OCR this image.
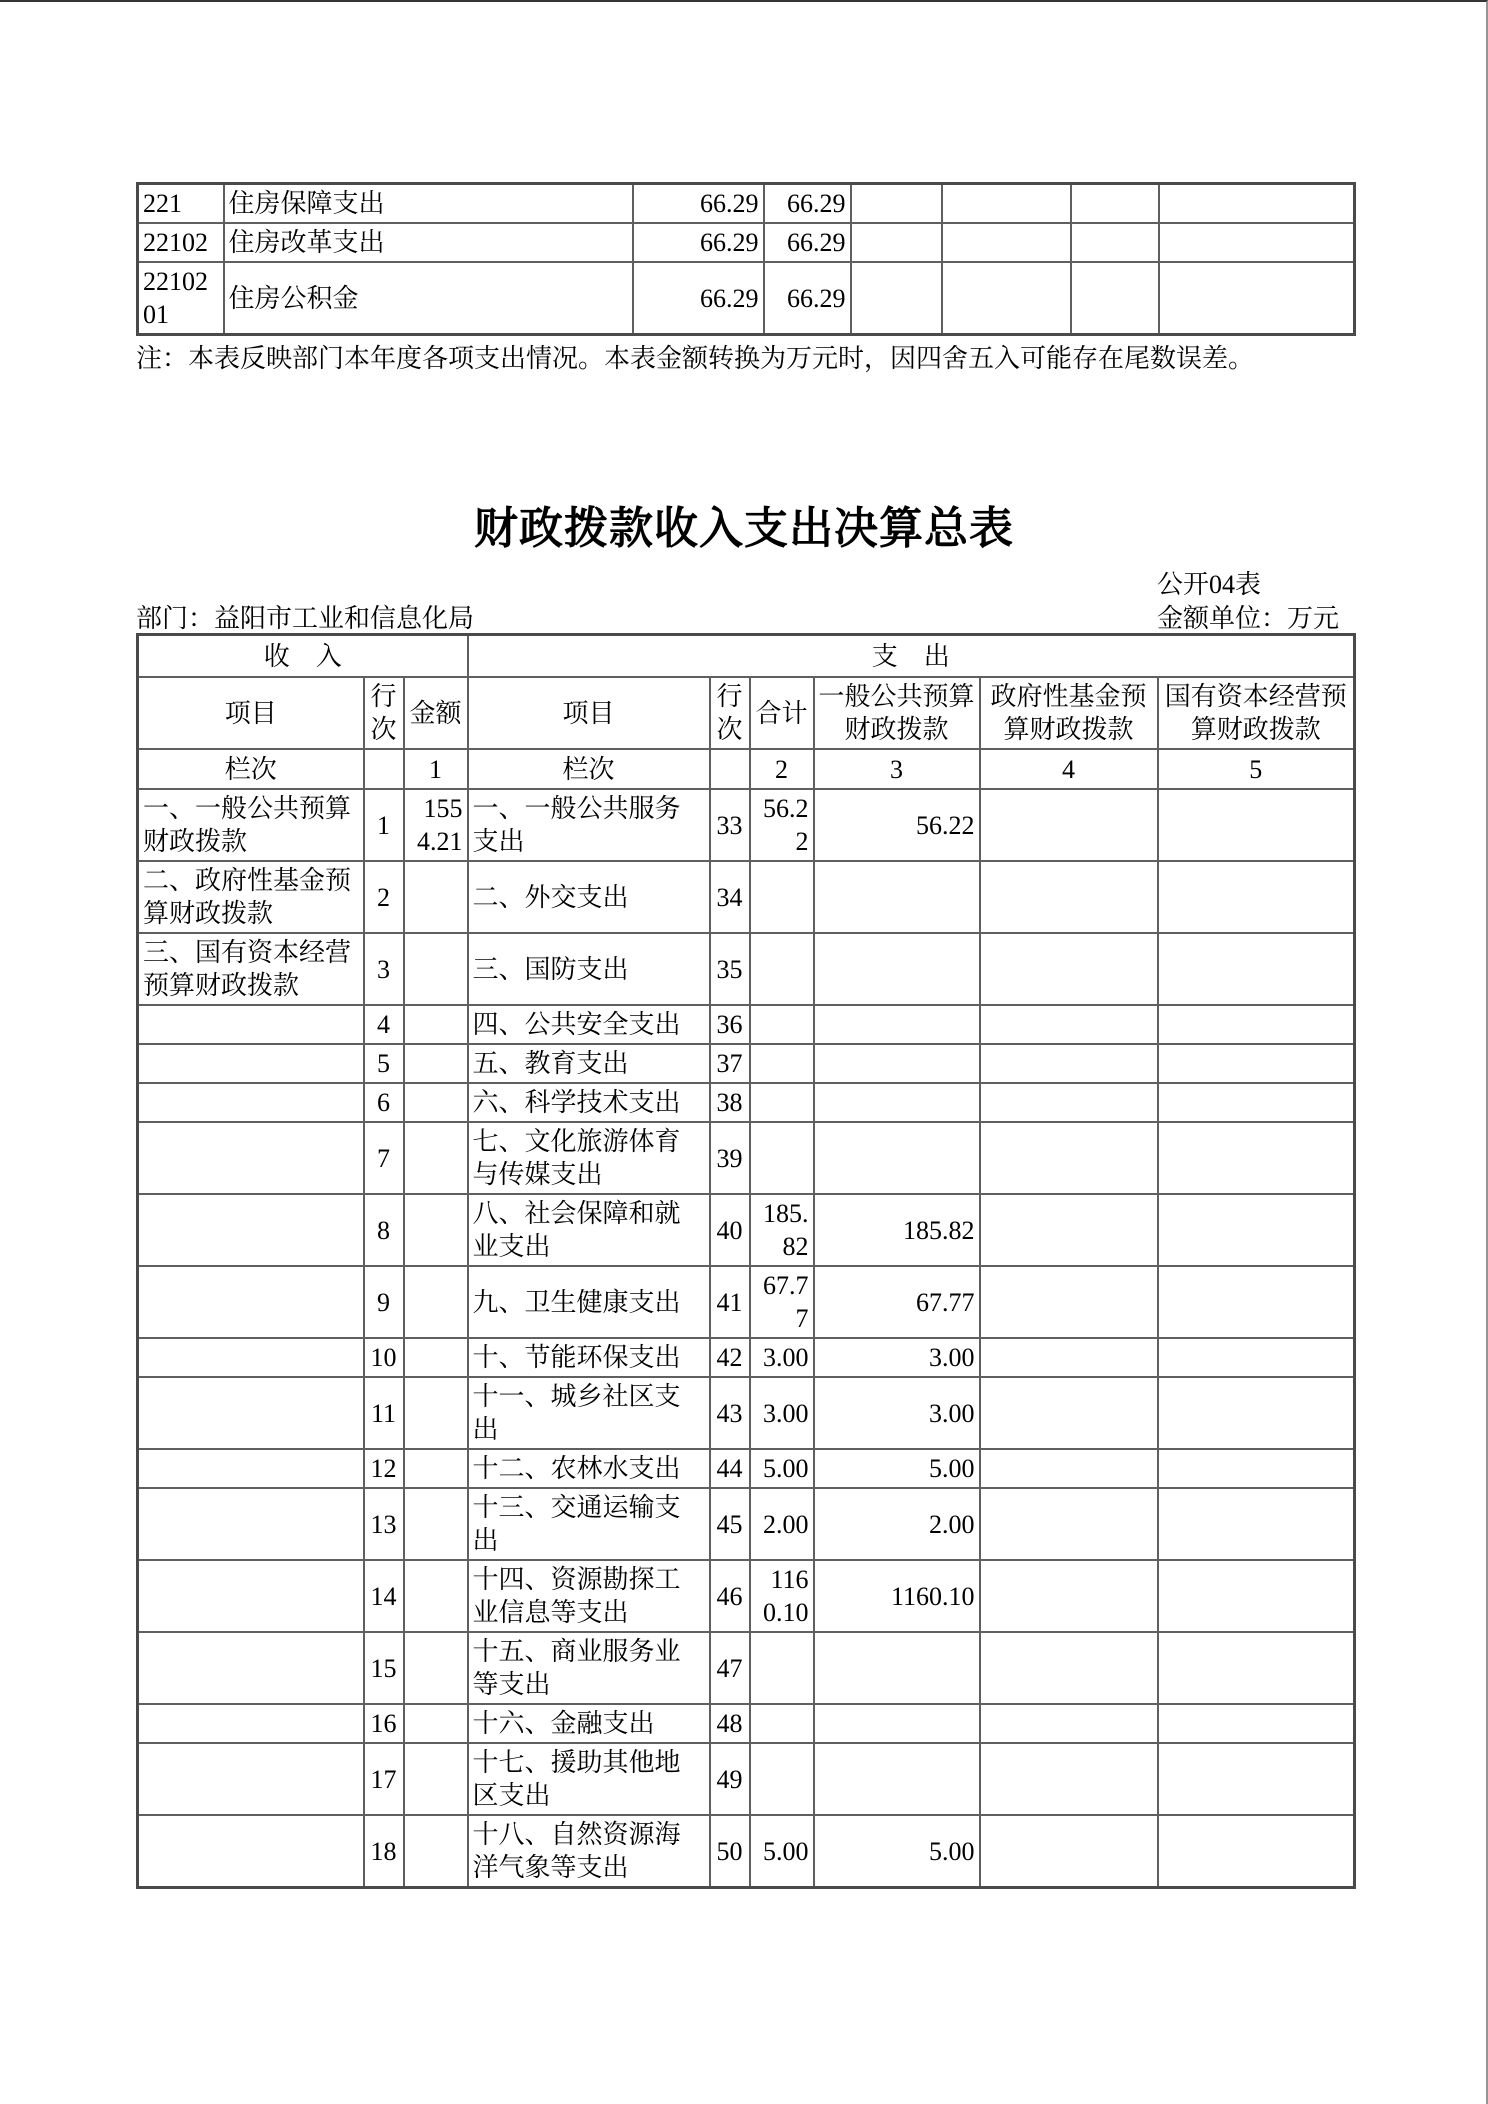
221	住房保障支出	66.29	66.29				
22102	住房改革支出	66.29	66.29				
2210201	住房公积金	66.29	66.29				
注：本表反映部门本年度各项支出情况。本表金额转换为万元时，因四舍五入可能存在尾数误差。
财政拨款收入支出决算总表
公开04表
部门：益阳市工业和信息化局	金额单位：万元
收　入			支　出					
项目	行次	金额	项目	行次	合计	一般公共预算财政拨款	政府性基金预算财政拨款	国有资本经营预算财政拨款
栏次		1	栏次		2	3	4	5
一、一般公共预算财政拨款	1	1554.21	一、一般公共服务支出	33	56.22	56.22		
二、政府性基金预算财政拨款	2		二、外交支出	34				
三、国有资本经营预算财政拨款	3		三、国防支出	35				
	4		四、公共安全支出	36				
	5		五、教育支出	37				
	6		六、科学技术支出	38				
	7		七、文化旅游体育与传媒支出	39				
	8		八、社会保障和就业支出	40	185.82	185.82		
	9		九、卫生健康支出	41	67.77	67.77		
	10		十、节能环保支出	42	3.00	3.00		
	11		十一、城乡社区支出	43	3.00	3.00		
	12		十二、农林水支出	44	5.00	5.00		
	13		十三、交通运输支出	45	2.00	2.00		
	14		十四、资源勘探工业信息等支出	46	1160.10	1160.10		
	15		十五、商业服务业等支出	47				
	16		十六、金融支出	48				
	17		十七、援助其他地区支出	49				
	18		十八、自然资源海洋气象等支出	50	5.00	5.00		
